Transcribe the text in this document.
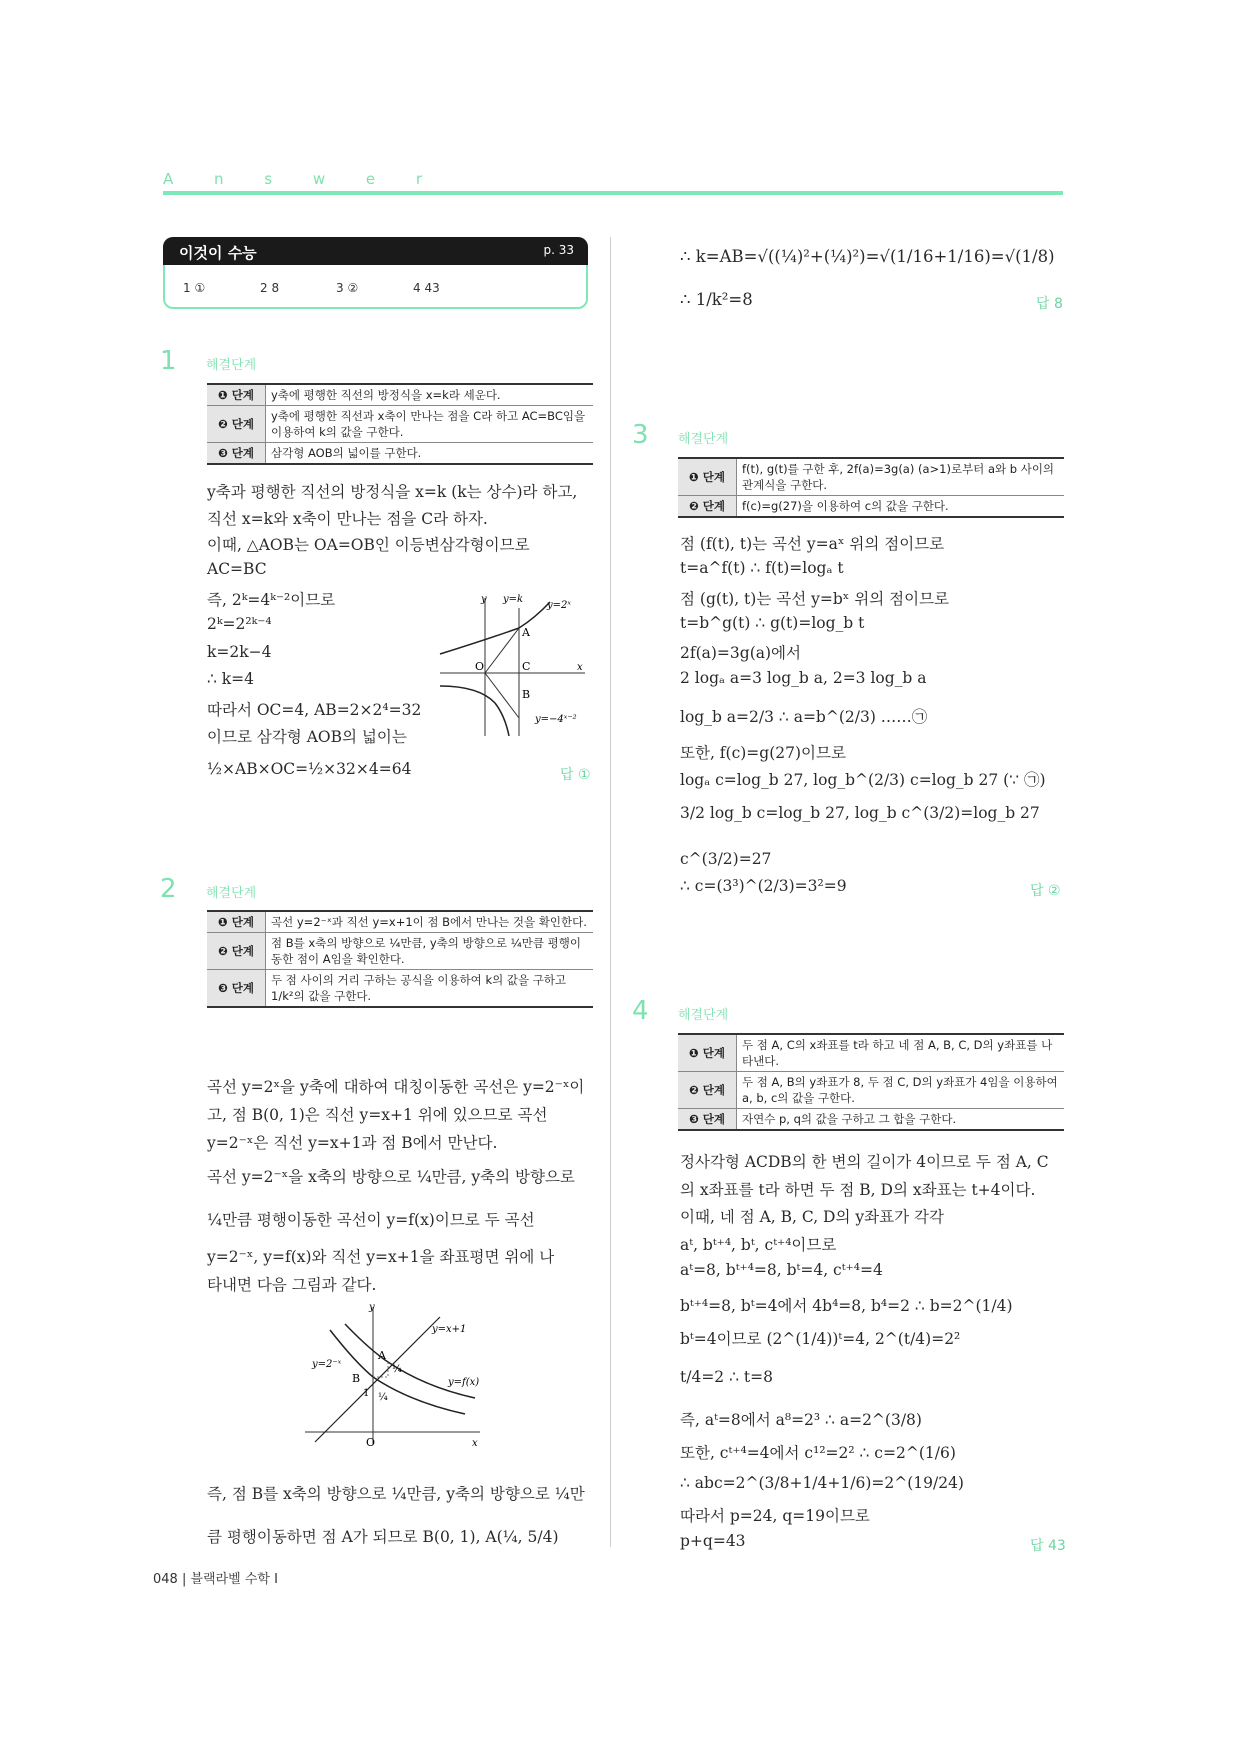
A n s w e r
이것이 수능	p. 33
1 ①	2 8	3 ②	4 43
1 해결단계
❶ 단계	y축에 평행한 직선의 방정식을 x=k라 세운다.
❷ 단계	y축에 평행한 직선과 x축이 만나는 점을 C라 하고 AC=BC임을 이용하여 k의 값을 구한다.
❸ 단계	삼각형 AOB의 넓이를 구한다.
y축과 평행한 직선의 방정식을 x=k (k는 상수)라 하고,
직선 x=k와 x축이 만나는 점을 C라 하자.
이때, △AOB는 OA=OB인 이등변삼각형이므로
AC=BC
즉, 2ᵏ=4ᵏ⁻²이므로
2ᵏ=2²ᵏ⁻⁴
k=2k−4
∴ k=4
따라서 OC=4, AB=2×2⁴=32
이므로 삼각형 AOB의 넓이는
½×AB×OC=½×32×4=64	답 ①
y
x
O
A
C
B
y=k
y=2ˣ
y=−4ˣ⁻²
2 해결단계
❶ 단계	곡선 y=2⁻ˣ과 직선 y=x+1이 점 B에서 만나는 것을 확인한다.
❷ 단계	점 B를 x축의 방향으로 ¼만큼, y축의 방향으로 ¼만큼 평행이동한 점이 A임을 확인한다.
❸ 단계	두 점 사이의 거리 구하는 공식을 이용하여 k의 값을 구하고 1/k²의 값을 구한다.
곡선 y=2ˣ을 y축에 대하여 대칭이동한 곡선은 y=2⁻ˣ이
고, 점 B(0, 1)은 직선 y=x+1 위에 있으므로 곡선
y=2⁻ˣ은 직선 y=x+1과 점 B에서 만난다.
곡선 y=2⁻ˣ을 x축의 방향으로 ¼만큼, y축의 방향으로
¼만큼 평행이동한 곡선이 y=f(x)이므로 두 곡선
y=2⁻ˣ, y=f(x)와 직선 y=x+1을 좌표평면 위에 나
타내면 다음 그림과 같다.
y
x
O
A
B
1
¼
¼
y=x+1
y=2⁻ˣ
y=f(x)
즉, 점 B를 x축의 방향으로 ¼만큼, y축의 방향으로 ¼만
큼 평행이동하면 점 A가 되므로 B(0, 1), A(¼, 5/4)
∴ k=AB=√((¼)²+(¼)²)=√(1/16+1/16)=√(1/8)
∴ 1/k²=8	답 8
3 해결단계
❶ 단계	f(t), g(t)를 구한 후, 2f(a)=3g(a) (a>1)로부터 a와 b 사이의 관계식을 구한다.
❷ 단계	f(c)=g(27)을 이용하여 c의 값을 구한다.
점 (f(t), t)는 곡선 y=aˣ 위의 점이므로
t=a^f(t) ∴ f(t)=logₐ t
점 (g(t), t)는 곡선 y=bˣ 위의 점이므로
t=b^g(t) ∴ g(t)=log_b t
2f(a)=3g(a)에서
2 logₐ a=3 log_b a, 2=3 log_b a
log_b a=2/3 ∴ a=b^(2/3) ……㉠
또한, f(c)=g(27)이므로
logₐ c=log_b 27, log_b^(2/3) c=log_b 27 (∵ ㉠)
3/2 log_b c=log_b 27, log_b c^(3/2)=log_b 27
c^(3/2)=27
∴ c=(3³)^(2/3)=3²=9	답 ②
4 해결단계
❶ 단계	두 점 A, C의 x좌표를 t라 하고 네 점 A, B, C, D의 y좌표를 나타낸다.
❷ 단계	두 점 A, B의 y좌표가 8, 두 점 C, D의 y좌표가 4임을 이용하여 a, b, c의 값을 구한다.
❸ 단계	자연수 p, q의 값을 구하고 그 합을 구한다.
정사각형 ACDB의 한 변의 길이가 4이므로 두 점 A, C
의 x좌표를 t라 하면 두 점 B, D의 x좌표는 t+4이다.
이때, 네 점 A, B, C, D의 y좌표가 각각
aᵗ, bᵗ⁺⁴, bᵗ, cᵗ⁺⁴이므로
aᵗ=8, bᵗ⁺⁴=8, bᵗ=4, cᵗ⁺⁴=4
bᵗ⁺⁴=8, bᵗ=4에서 4b⁴=8, b⁴=2 ∴ b=2^(1/4)
bᵗ=4이므로 (2^(1/4))ᵗ=4, 2^(t/4)=2²
t/4=2 ∴ t=8
즉, aᵗ=8에서 a⁸=2³ ∴ a=2^(3/8)
또한, cᵗ⁺⁴=4에서 c¹²=2² ∴ c=2^(1/6)
∴ abc=2^(3/8+1/4+1/6)=2^(19/24)
따라서 p=24, q=19이므로
p+q=43	답 43
048 | 블랙라벨 수학 I
